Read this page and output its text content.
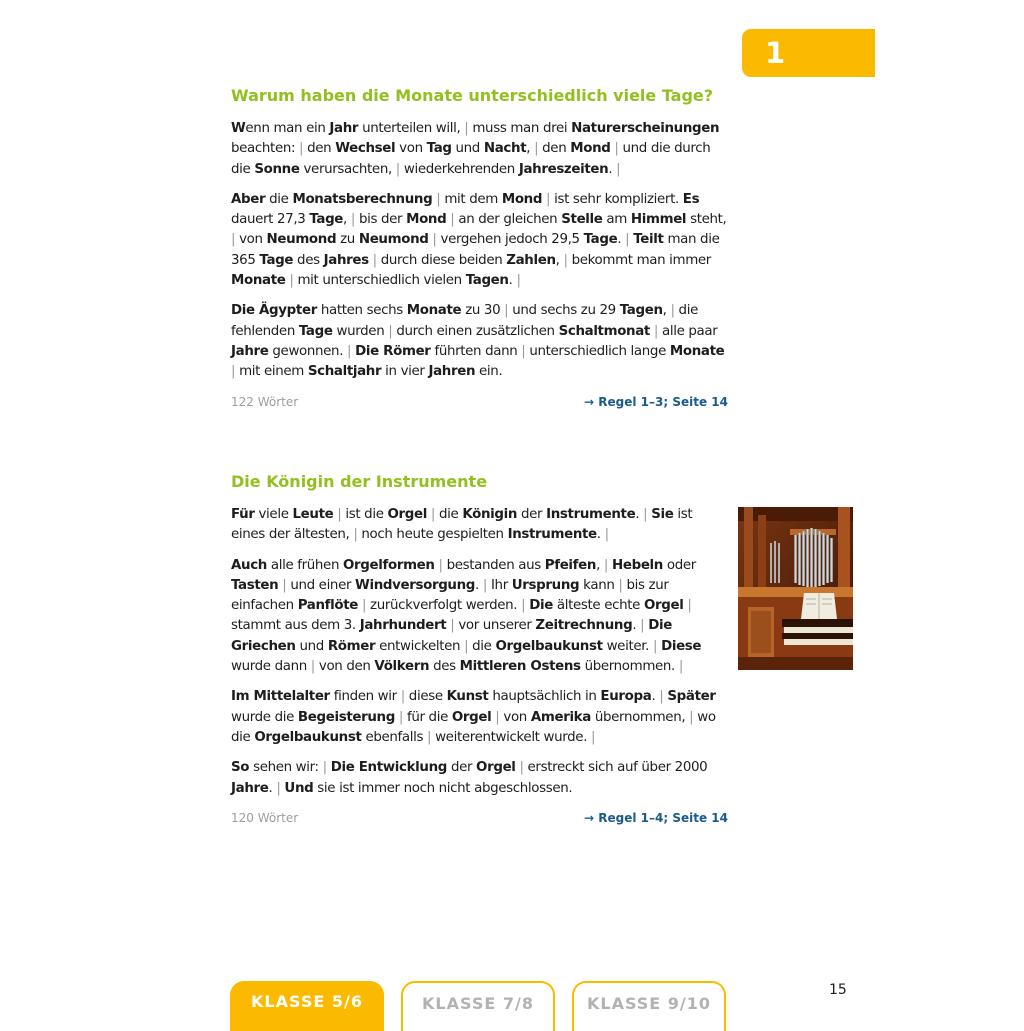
1
Warum haben die Monate unterschiedlich viele Tage?

Wenn man ein Jahr unterteilen will, | muss man drei Naturerscheinungen beachten: | den Wechsel von Tag und Nacht, | den Mond | und die durch die Sonne verursachten, | wiederkehrenden Jahreszeiten. |

Aber die Monatsberechnung | mit dem Mond | ist sehr kompliziert. Es dauert 27,3 Tage, | bis der Mond | an der gleichen Stelle am Himmel steht, | von Neumond zu Neumond | vergehen jedoch 29,5 Tage. | Teilt man die 365 Tage des Jahres | durch diese beiden Zahlen, | bekommt man immer Monate | mit unterschiedlich vielen Tagen. |

Die Ägypter hatten sechs Monate zu 30 | und sechs zu 29 Tagen, | die fehlenden Tage wurden | durch einen zusätzlichen Schaltmonat | alle paar Jahre gewonnen. | Die Römer führten dann | unterschiedlich lange Monate | mit einem Schaltjahr in vier Jahren ein.

122 Wörter	→ Regel 1–3; Seite 14
Die Königin der Instrumente

Für viele Leute | ist die Orgel | die Königin der Instrumente. | Sie ist eines der ältesten, | noch heute gespielten Instrumente. |

Auch alle frühen Orgelformen | bestanden aus Pfeifen, | Hebeln oder Tasten | und einer Windversorgung. | Ihr Ursprung kann | bis zur einfachen Panflöte | zurückverfolgt werden. | Die älteste echte Orgel | stammt aus dem 3. Jahrhundert | vor unserer Zeitrechnung. | Die Griechen und Römer entwickelten | die Orgelbaukunst weiter. | Diese wurde dann | von den Völkern des Mittleren Ostens übernommen. |

Im Mittelalter finden wir | diese Kunst hauptsächlich in Europa. | Später wurde die Begeisterung | für die Orgel | von Amerika übernommen, | wo die Orgelbaukunst ebenfalls | weiterentwickelt wurde. |

So sehen wir: | Die Entwicklung der Orgel | erstreckt sich auf über 2000 Jahre. | Und sie ist immer noch nicht abgeschlossen.

120 Wörter	→ Regel 1–4; Seite 14
KLASSE 5/6	KLASSE 7/8	KLASSE 9/10
15
